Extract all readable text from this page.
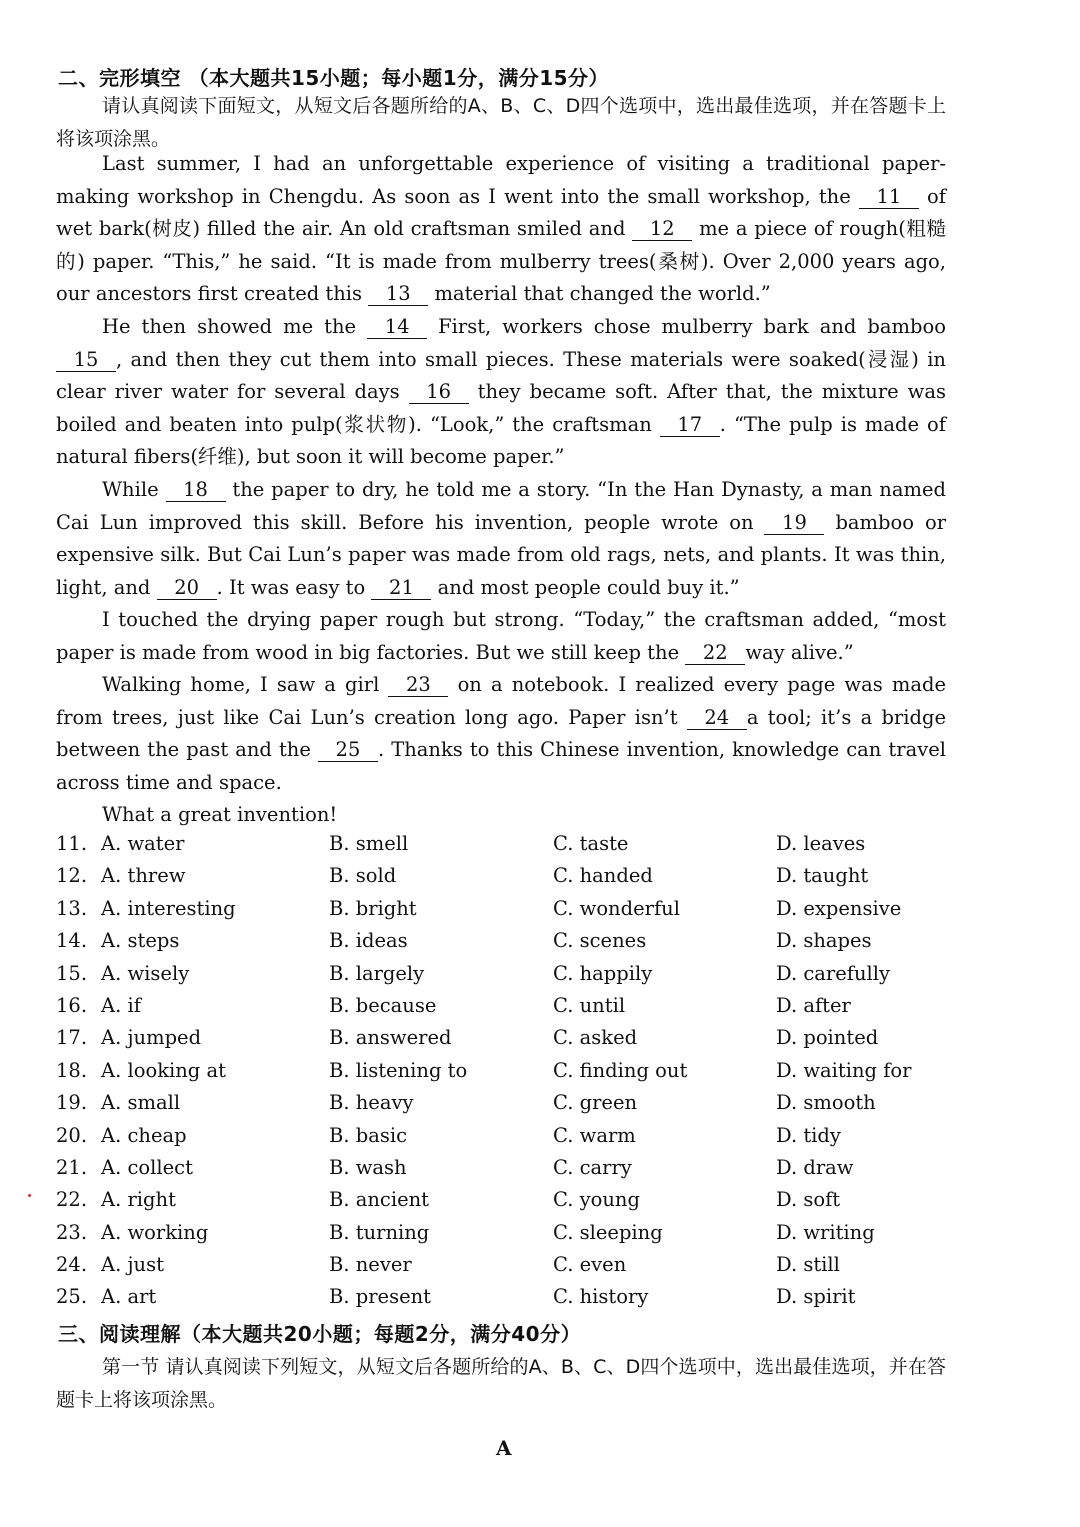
二、完形填空 （本大题共15小题；每小题1分，满分15分）
请认真阅读下面短文，从短文后各题所给的A、B、C、D四个选项中，选出最佳选项，并在答题卡上将该项涂黑。
Last summer, I had an unforgettable experience of visiting a traditional paper-making workshop in Chengdu. As soon as I went into the small workshop, the 11 of wet bark(树皮) filled the air. An old craftsman smiled and 12 me a piece of rough(粗糙的) paper. “This,” he said. “It is made from mulberry trees(桑树). Over 2,000 years ago, our ancestors first created this 13 material that changed the world.”
He then showed me the 14 First, workers chose mulberry bark and bamboo 15 , and then they cut them into small pieces. These materials were soaked(浸湿) in clear river water for several days 16 they became soft. After that, the mixture was boiled and beaten into pulp(浆状物). “Look,” the craftsman 17 . “The pulp is made of natural fibers(纤维), but soon it will become paper.”
While 18 the paper to dry, he told me a story. “In the Han Dynasty, a man named Cai Lun improved this skill. Before his invention, people wrote on 19 bamboo or expensive silk. But Cai Lun’s paper was made from old rags, nets, and plants. It was thin, light, and 20 . It was easy to 21 and most people could buy it.”
I touched the drying paper rough but strong. “Today,” the craftsman added, “most paper is made from wood in big factories. But we still keep the 22 way alive.”
Walking home, I saw a girl 23 on a notebook. I realized every page was made from trees, just like Cai Lun’s creation long ago. Paper isn’t 24 a tool; it’s a bridge between the past and the 25 . Thanks to this Chinese invention, knowledge can travel across time and space.
What a great invention!
11. A. water	B. smell	C. taste	D. leaves
12. A. threw	B. sold	C. handed	D. taught
13. A. interesting	B. bright	C. wonderful	D. expensive
14. A. steps	B. ideas	C. scenes	D. shapes
15. A. wisely	B. largely	C. happily	D. carefully
16. A. if	B. because	C. until	D. after
17. A. jumped	B. answered	C. asked	D. pointed
18. A. looking at	B. listening to	C. finding out	D. waiting for
19. A. small	B. heavy	C. green	D. smooth
20. A. cheap	B. basic	C. warm	D. tidy
21. A. collect	B. wash	C. carry	D. draw
22. A. right	B. ancient	C. young	D. soft
23. A. working	B. turning	C. sleeping	D. writing
24. A. just	B. never	C. even	D. still
25. A. art	B. present	C. history	D. spirit
三、阅读理解（本大题共20小题；每题2分，满分40分）
第一节 请认真阅读下列短文，从短文后各题所给的A、B、C、D四个选项中，选出最佳选项，并在答题卡上将该项涂黑。
A
